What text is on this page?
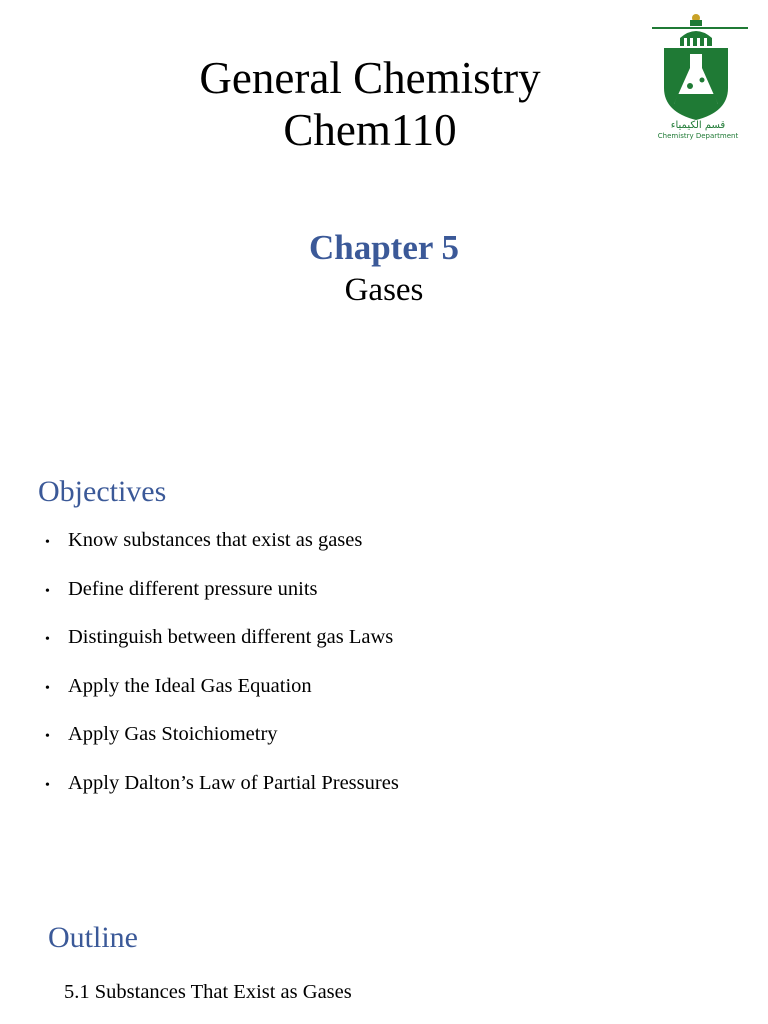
General Chemistry
Chem110	قسم الكيمياء
Chemistry Department
Chapter 5
Gases
Objectives
• Know substances that exist as gases
• Define different pressure units
• Distinguish between different gas Laws
• Apply the Ideal Gas Equation
• Apply Gas Stoichiometry
• Apply Dalton’s Law of Partial Pressures
Outline
5.1 Substances That Exist as Gases
